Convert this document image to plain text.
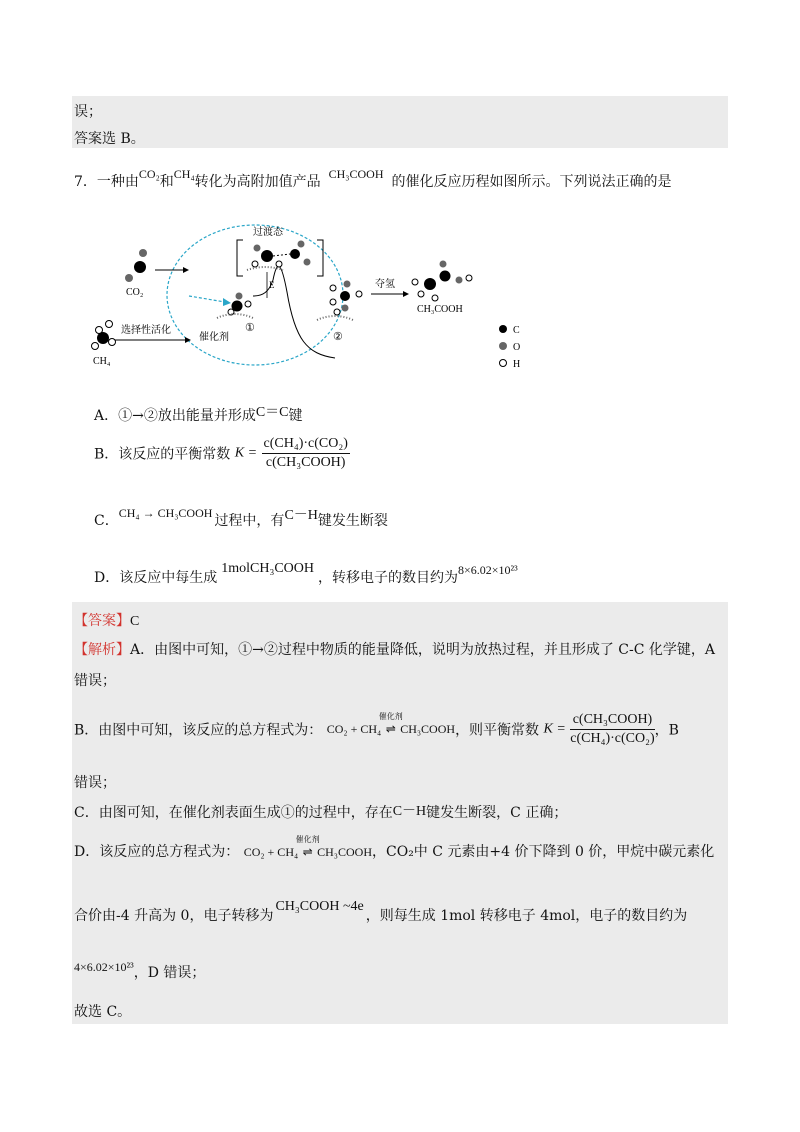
误；
答案选 B。
7．一种由CO₂和CH₄转化为高附加值产品 CH₃COOH 的催化反应历程如图所示。下列说法正确的是
CO₂
CH₄
选择性活化
催化剂
①
E
过渡态
②
夺氢
CH₃COOH
C
O
H
A．①→②放出能量并形成C＝C键
B．该反应的平衡常数 $K = \frac{\text{c(CH₄)·c(CO₂)}}{\text{c(CH₃COOH)}}$
C．CH₄ → CH₃COOH 过程中，有C－H键发生断裂
D．该反应中每生成1molCH₃COOH，转移电子的数目约为8×6.02×10²³
【答案】C
【解析】A．由图中可知，①→②过程中物质的能量降低，说明为放热过程，并且形成了 C-C 化学键，A
错误；
B．由图中可知，该反应的总方程式为： CO₂ + CH₄
催化剂
⇌ CH₃COOH，则平衡常数 $K = \frac{\text{c(CH₃COOH)}}{\text{c(CH₄)·c(CO₂)}}$ ，B
错误；
C．由图可知，在催化剂表面生成①的过程中，存在C－H键发生断裂，C 正确；
D．该反应的总方程式为： CO₂ + CH₄
催化剂
⇌ CH₃COOH，CO₂中 C 元素由+4 价下降到 0 价，甲烷中碳元素化
合价由-4 升高为 0，电子转移为CH₃COOH ~4e，则每生成 1mol 转移电子 4mol，电子的数目约为
4×6.02×10²³，D 错误；
故选 C。
